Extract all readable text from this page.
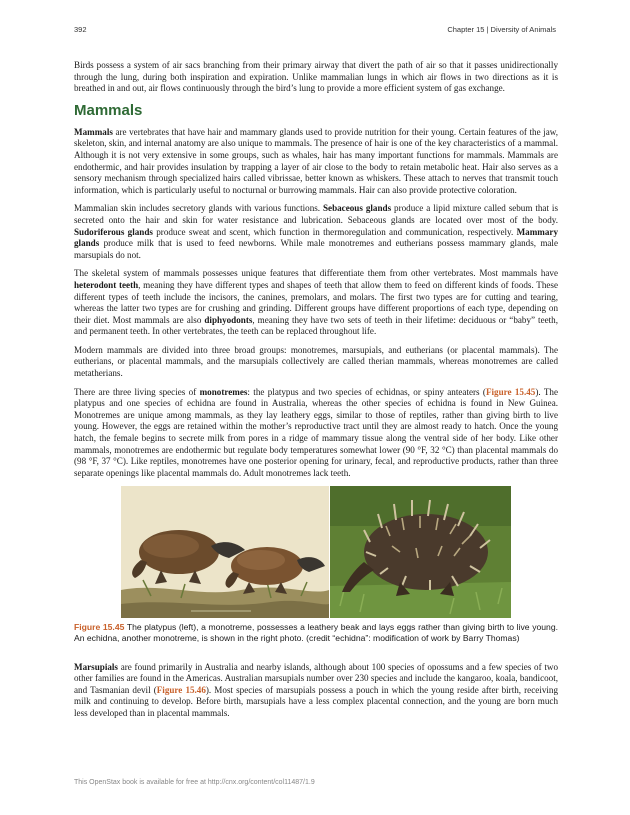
392	Chapter 15 | Diversity of Animals

Birds possess a system of air sacs branching from their primary airway that divert the path of air so that it passes unidirectionally through the lung, during both inspiration and expiration. Unlike mammalian lungs in which air flows in two directions as it is breathed in and out, air flows continuously through the bird’s lung to provide a more efficient system of gas exchange.

Mammals

Mammals are vertebrates that have hair and mammary glands used to provide nutrition for their young. Certain features of the jaw, skeleton, skin, and internal anatomy are also unique to mammals. The presence of hair is one of the key characteristics of a mammal. Although it is not very extensive in some groups, such as whales, hair has many important functions for mammals. Mammals are endothermic, and hair provides insulation by trapping a layer of air close to the body to retain metabolic heat. Hair also serves as a sensory mechanism through specialized hairs called vibrissae, better known as whiskers. These attach to nerves that transmit touch information, which is particularly useful to nocturnal or burrowing mammals. Hair can also provide protective coloration.

Mammalian skin includes secretory glands with various functions. Sebaceous glands produce a lipid mixture called sebum that is secreted onto the hair and skin for water resistance and lubrication. Sebaceous glands are located over most of the body. Sudoriferous glands produce sweat and scent, which function in thermoregulation and communication, respectively. Mammary glands produce milk that is used to feed newborns. While male monotremes and eutherians possess mammary glands, male marsupials do not.

The skeletal system of mammals possesses unique features that differentiate them from other vertebrates. Most mammals have heterodont teeth, meaning they have different types and shapes of teeth that allow them to feed on different kinds of foods. These different types of teeth include the incisors, the canines, premolars, and molars. The first two types are for cutting and tearing, whereas the latter two types are for crushing and grinding. Different groups have different proportions of each type, depending on their diet. Most mammals are also diphyodonts, meaning they have two sets of teeth in their lifetime: deciduous or “baby” teeth, and permanent teeth. In other vertebrates, the teeth can be replaced throughout life.

Modern mammals are divided into three broad groups: monotremes, marsupials, and eutherians (or placental mammals). The eutherians, or placental mammals, and the marsupials collectively are called therian mammals, whereas monotremes are called metatherians.

There are three living species of monotremes: the platypus and two species of echidnas, or spiny anteaters (Figure 15.45). The platypus and one species of echidna are found in Australia, whereas the other species of echidna is found in New Guinea. Monotremes are unique among mammals, as they lay leathery eggs, similar to those of reptiles, rather than giving birth to live young. However, the eggs are retained within the mother’s reproductive tract until they are almost ready to hatch. Once the young hatch, the female begins to secrete milk from pores in a ridge of mammary tissue along the ventral side of her body. Like other mammals, monotremes are endothermic but regulate body temperatures somewhat lower (90 °F, 32 °C) than placental mammals do (98 °F, 37 °C). Like reptiles, monotremes have one posterior opening for urinary, fecal, and reproductive products, rather than three separate openings like placental mammals do. Adult monotremes lack teeth.

Figure 15.45 The platypus (left), a monotreme, possesses a leathery beak and lays eggs rather than giving birth to live young. An echidna, another monotreme, is shown in the right photo. (credit “echidna”: modification of work by Barry Thomas)

Marsupials are found primarily in Australia and nearby islands, although about 100 species of opossums and a few species of two other families are found in the Americas. Australian marsupials number over 230 species and include the kangaroo, koala, bandicoot, and Tasmanian devil (Figure 15.46). Most species of marsupials possess a pouch in which the young reside after birth, receiving milk and continuing to develop. Before birth, marsupials have a less complex placental connection, and the young are born much less developed than in placental mammals.

This OpenStax book is available for free at http://cnx.org/content/col11487/1.9
